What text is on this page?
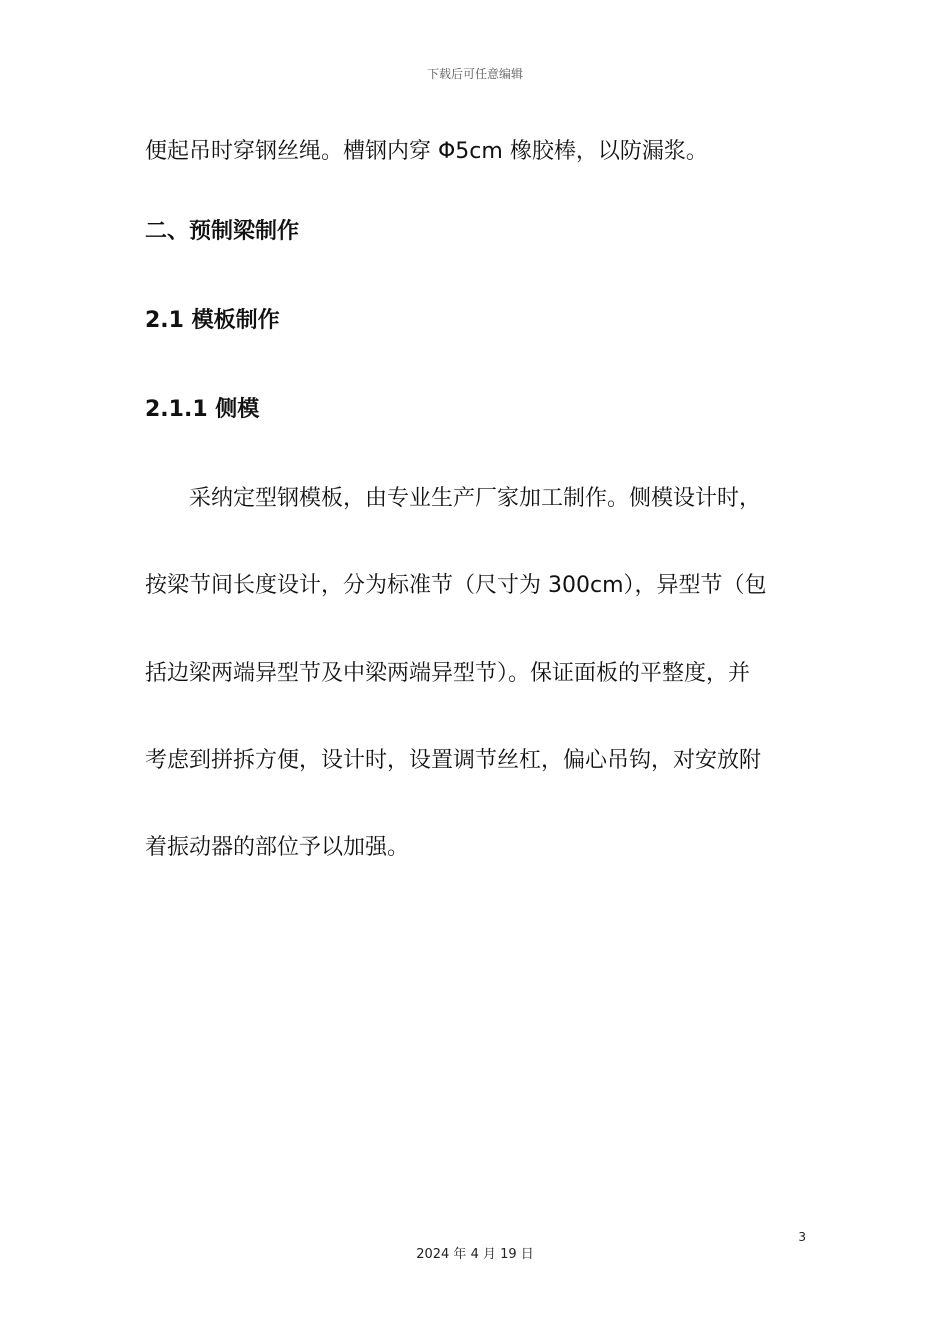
下载后可任意编辑
便起吊时穿钢丝绳。槽钢内穿 Φ5cm 橡胶棒，以防漏浆。
二、预制梁制作
2.1 模板制作
2.1.1 侧模
采纳定型钢模板，由专业生产厂家加工制作。侧模设计时，
按梁节间长度设计，分为标准节（尺寸为 300cm），异型节（包
括边梁两端异型节及中梁两端异型节）。保证面板的平整度，并
考虑到拼拆方便，设计时，设置调节丝杠，偏心吊钩，对安放附
着振动器的部位予以加强。
3
2024 年 4 月 19 日
